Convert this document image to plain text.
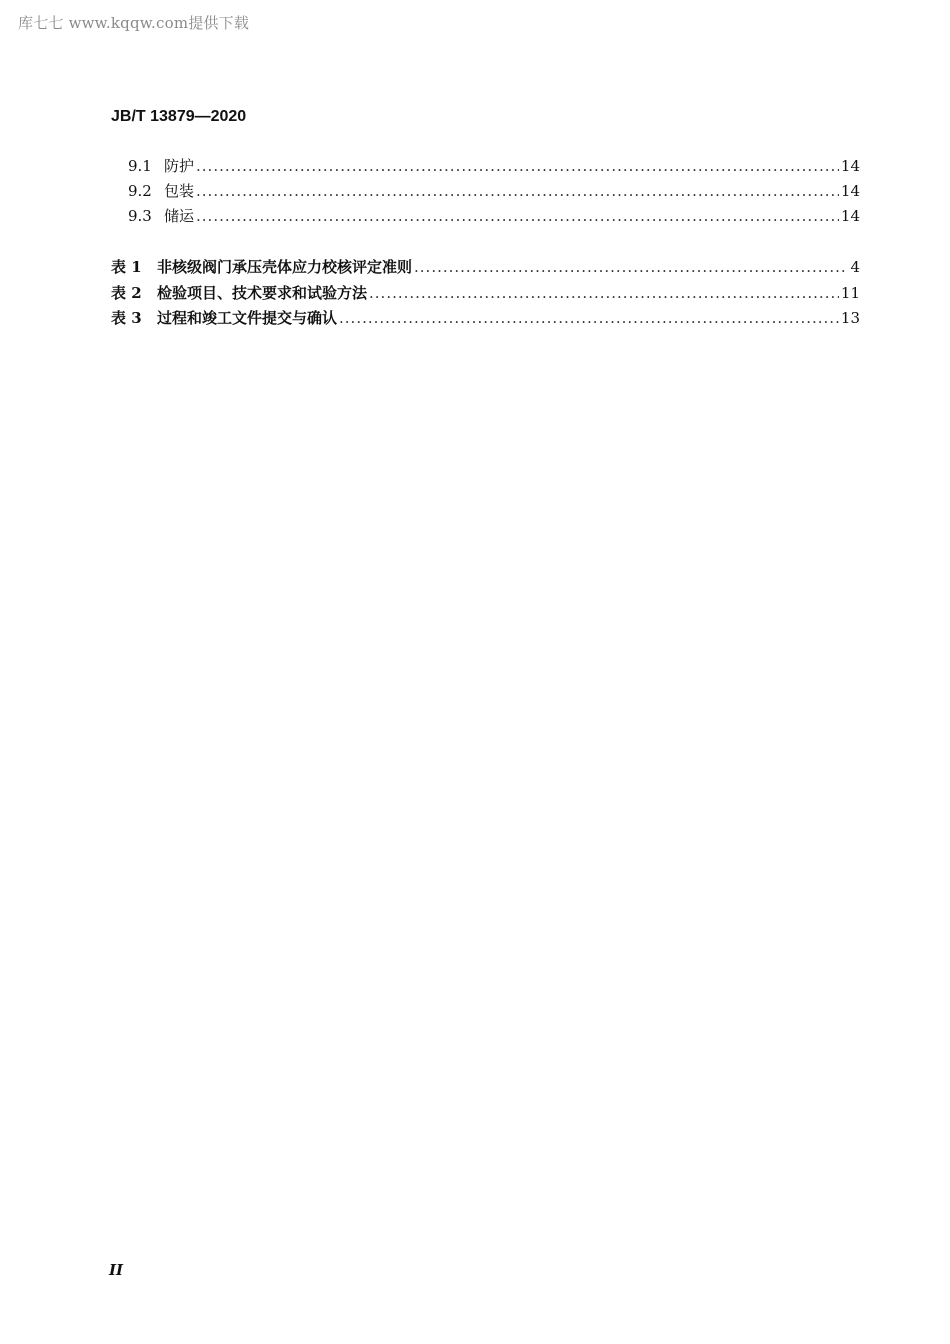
库七七 www.kqqw.com提供下载
JB/T 13879—2020
9.1 防护 .....	14
9.2 包装 .....	14
9.3 储运 .....	14
表 1	非核级阀门承压壳体应力校核评定准则 .....	4
表 2	检验项目、技术要求和试验方法 .....	11
表 3	过程和竣工文件提交与确认 .....	13
II
